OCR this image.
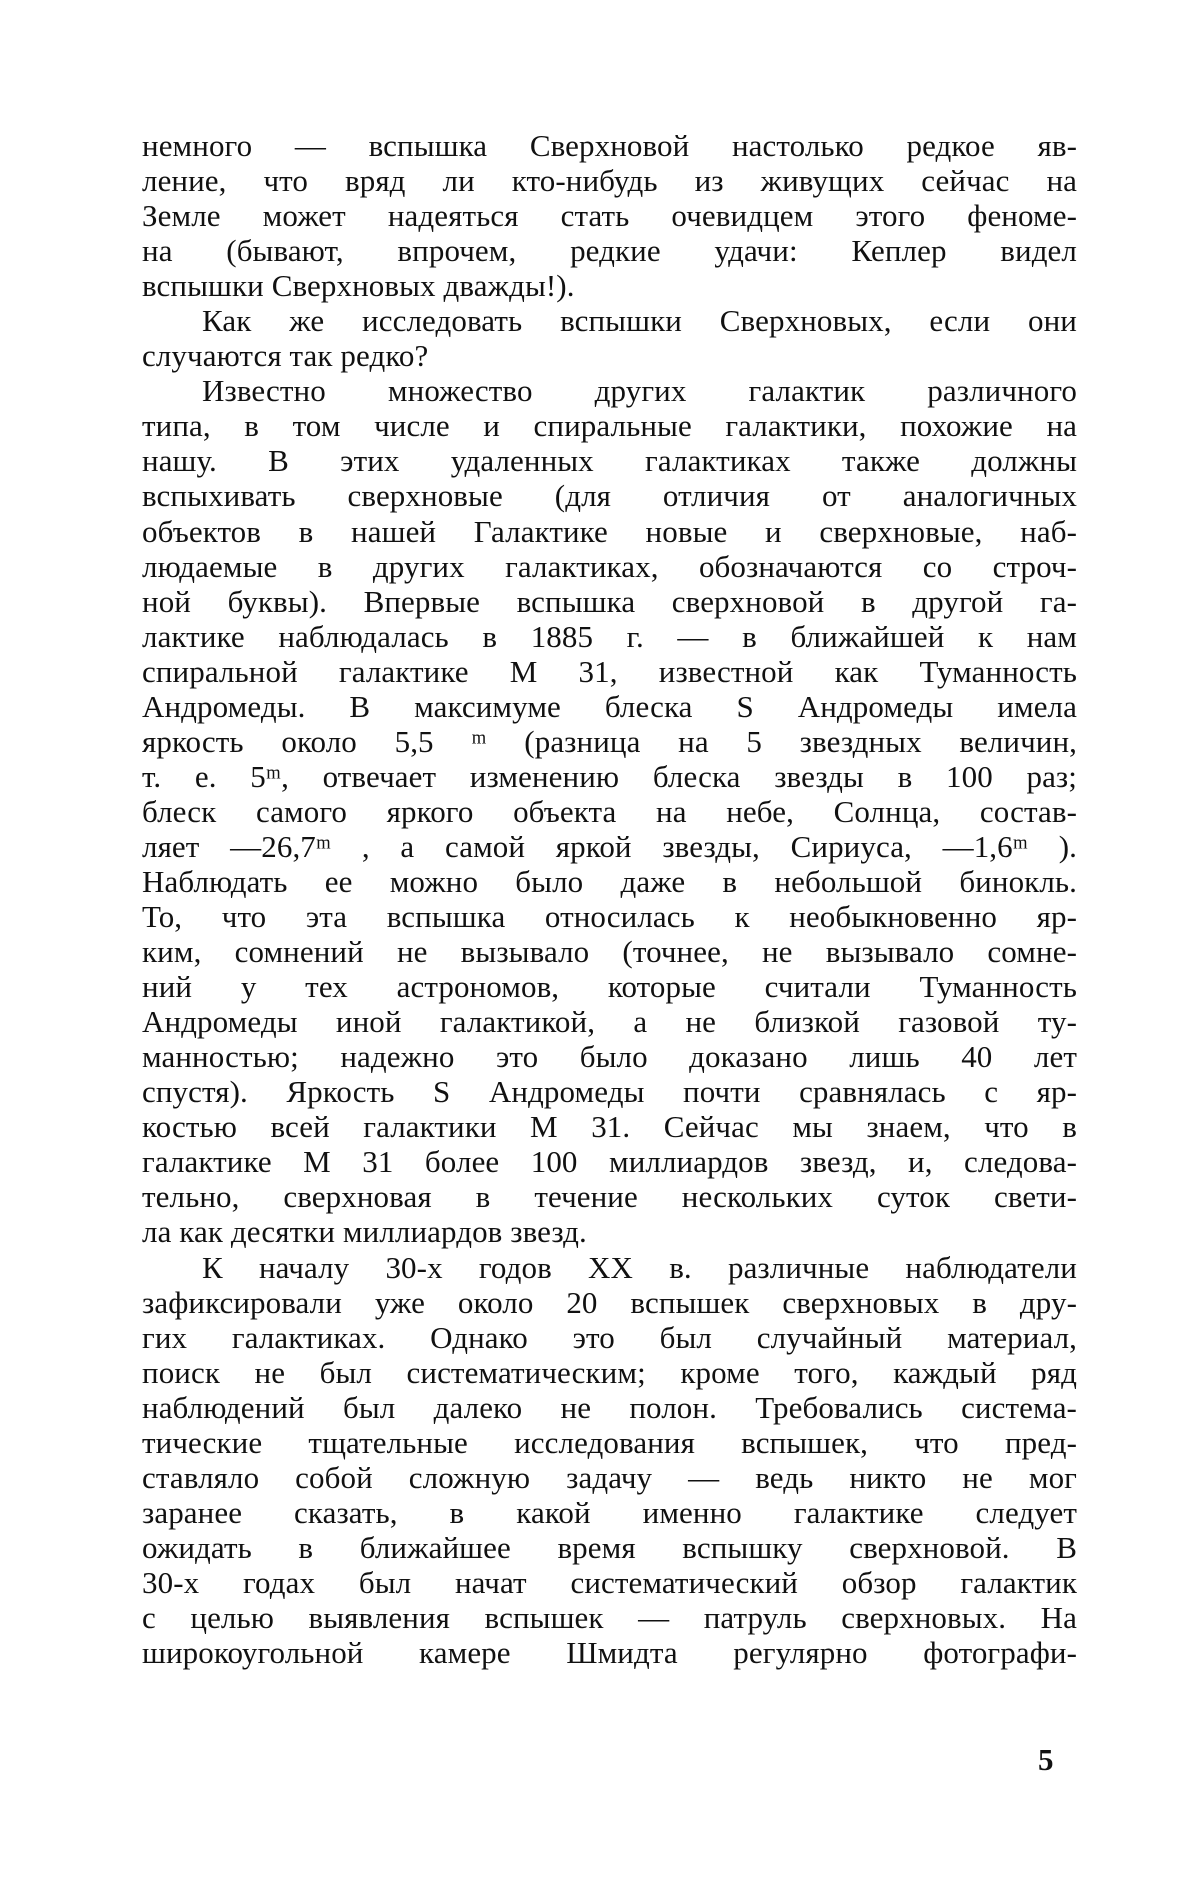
немного — вспышка Сверхновой настолько редкое яв-
ление, что вряд ли кто-нибудь из живущих сейчас на
Земле может надеяться стать очевидцем этого феноме-
на (бывают, впрочем, редкие удачи: Кеплер видел
вспышки Сверхновых дважды!).
Как же исследовать вспышки Сверхновых, если они
случаются так редко?
Известно множество других галактик различного
типа, в том числе и спиральные галактики, похожие на
нашу. В этих удаленных галактиках также должны
вспыхивать сверхновые (для отличия от аналогичных
объектов в нашей Галактике новые и сверхновые, наб-
людаемые в других галактиках, обозначаются со строч-
ной буквы). Впервые вспышка сверхновой в другой га-
лактике наблюдалась в 1885 г. — в ближайшей к нам
спиральной галактике М 31, известной как Туманность
Андромеды. В максимуме блеска S Андромеды имела
яркость около 5,5 ᵐ (разница на 5 звездных величин,
т. е. 5ᵐ, отвечает изменению блеска звезды в 100 раз;
блеск самого яркого объекта на небе, Солнца, состав-
ляет —26,7ᵐ , а самой яркой звезды, Сириуса, —1,6ᵐ ).
Наблюдать ее можно было даже в небольшой бинокль.
То, что эта вспышка относилась к необыкновенно яр-
ким, сомнений не вызывало (точнее, не вызывало сомне-
ний у тех астрономов, которые считали Туманность
Андромеды иной галактикой, а не близкой газовой ту-
манностью; надежно это было доказано лишь 40 лет
спустя). Яркость S Андромеды почти сравнялась с яр-
костью всей галактики М 31. Сейчас мы знаем, что в
галактике М 31 более 100 миллиардов звезд, и, следова-
тельно, сверхновая в течение нескольких суток свети-
ла как десятки миллиардов звезд.
К началу 30-х годов XX в. различные наблюдатели
зафиксировали уже около 20 вспышек сверхновых в дру-
гих галактиках. Однако это был случайный материал,
поиск не был систематическим; кроме того, каждый ряд
наблюдений был далеко не полон. Требовались системa-
тические тщательные исследования вспышек, что пред-
ставляло собой сложную задачу — ведь никто не мог
заранее сказать, в какой именно галактике следует
ожидать в ближайшее время вспышку сверхновой. В
30-х годах был начат систематический обзор галактик
с целью выявления вспышек — патруль сверхновых. На
широкоугольной камере Шмидта регулярно фотографи-
5
